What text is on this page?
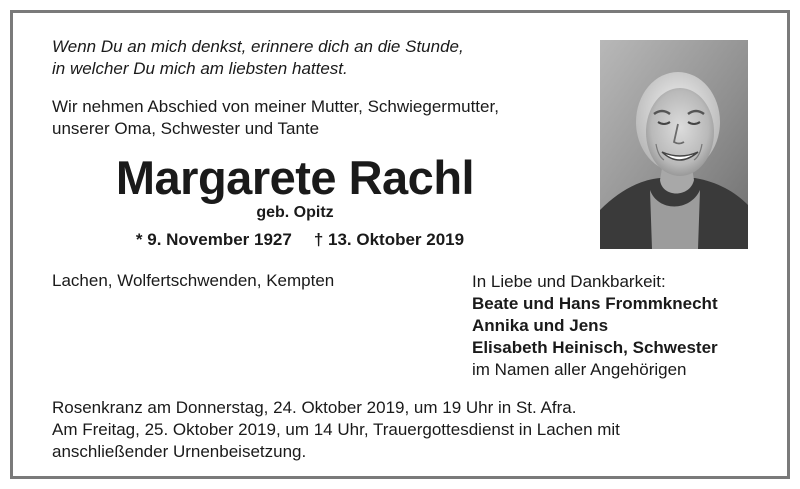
Wenn Du an mich denkst, erinnere dich an die Stunde,
in welcher Du mich am liebsten hattest.
Wir nehmen Abschied von meiner Mutter, Schwiegermutter,
unserer Oma, Schwester und Tante
Margarete Rachl
geb. Opitz
* 9. November 1927 † 13. Oktober 2019
Lachen, Wolfertschwenden, Kempten	In Liebe und Dankbarkeit:
Beate und Hans Frommknecht
Annika und Jens
Elisabeth Heinisch, Schwester
im Namen aller Angehörigen
Rosenkranz am Donnerstag, 24. Oktober 2019, um 19 Uhr in St. Afra.
Am Freitag, 25. Oktober 2019, um 14 Uhr, Trauergottesdienst in Lachen mit
anschließender Urnenbeisetzung.
